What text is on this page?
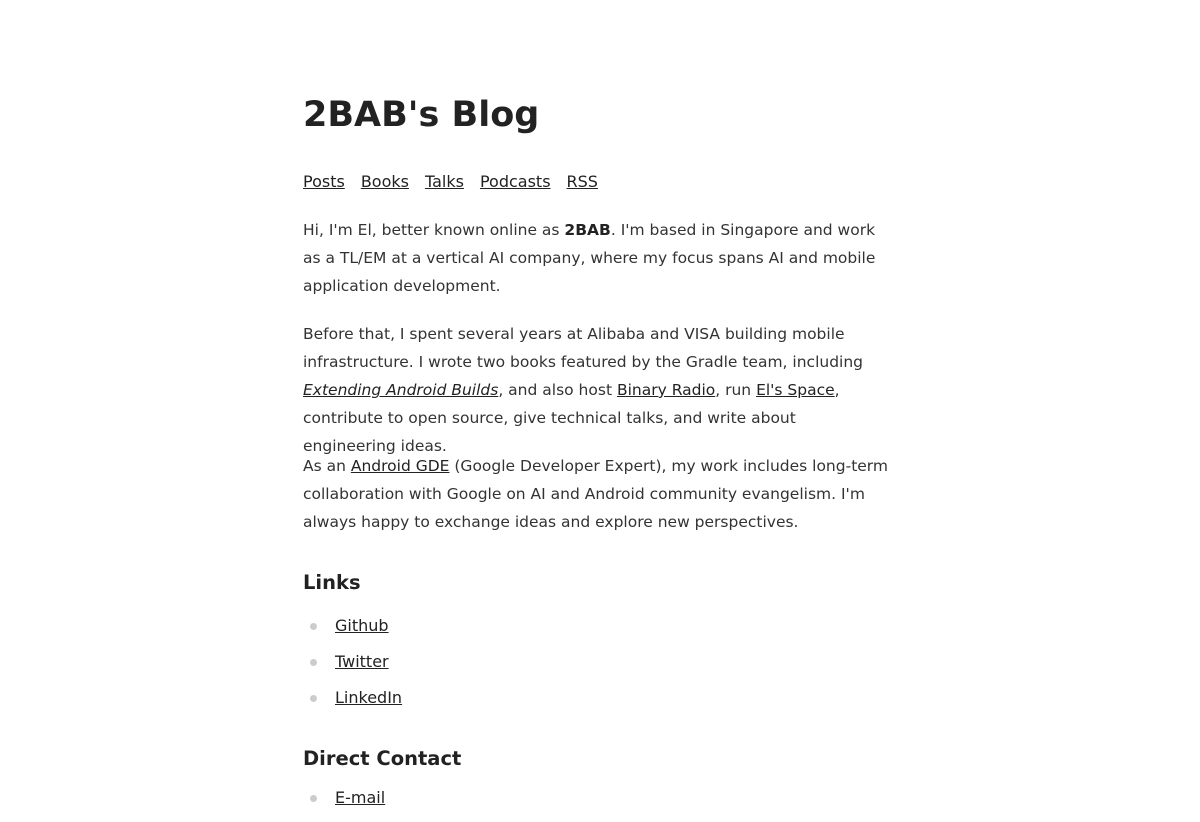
2BAB's Blog
Posts Books Talks Podcasts RSS

Hi, I'm El, better known online as 2BAB. I'm based in Singapore and work as a TL/EM at a vertical AI company, where my focus spans AI and mobile application development.

Before that, I spent several years at Alibaba and VISA building mobile infrastructure. I wrote two books featured by the Gradle team, including Extending Android Builds, and also host Binary Radio, run El's Space, contribute to open source, give technical talks, and write about engineering ideas.

As an Android GDE (Google Developer Expert), my work includes long-term collaboration with Google on AI and Android community evangelism. I'm always happy to exchange ideas and explore new perspectives.

Links
Github
Twitter
LinkedIn
Direct Contact
E-mail
